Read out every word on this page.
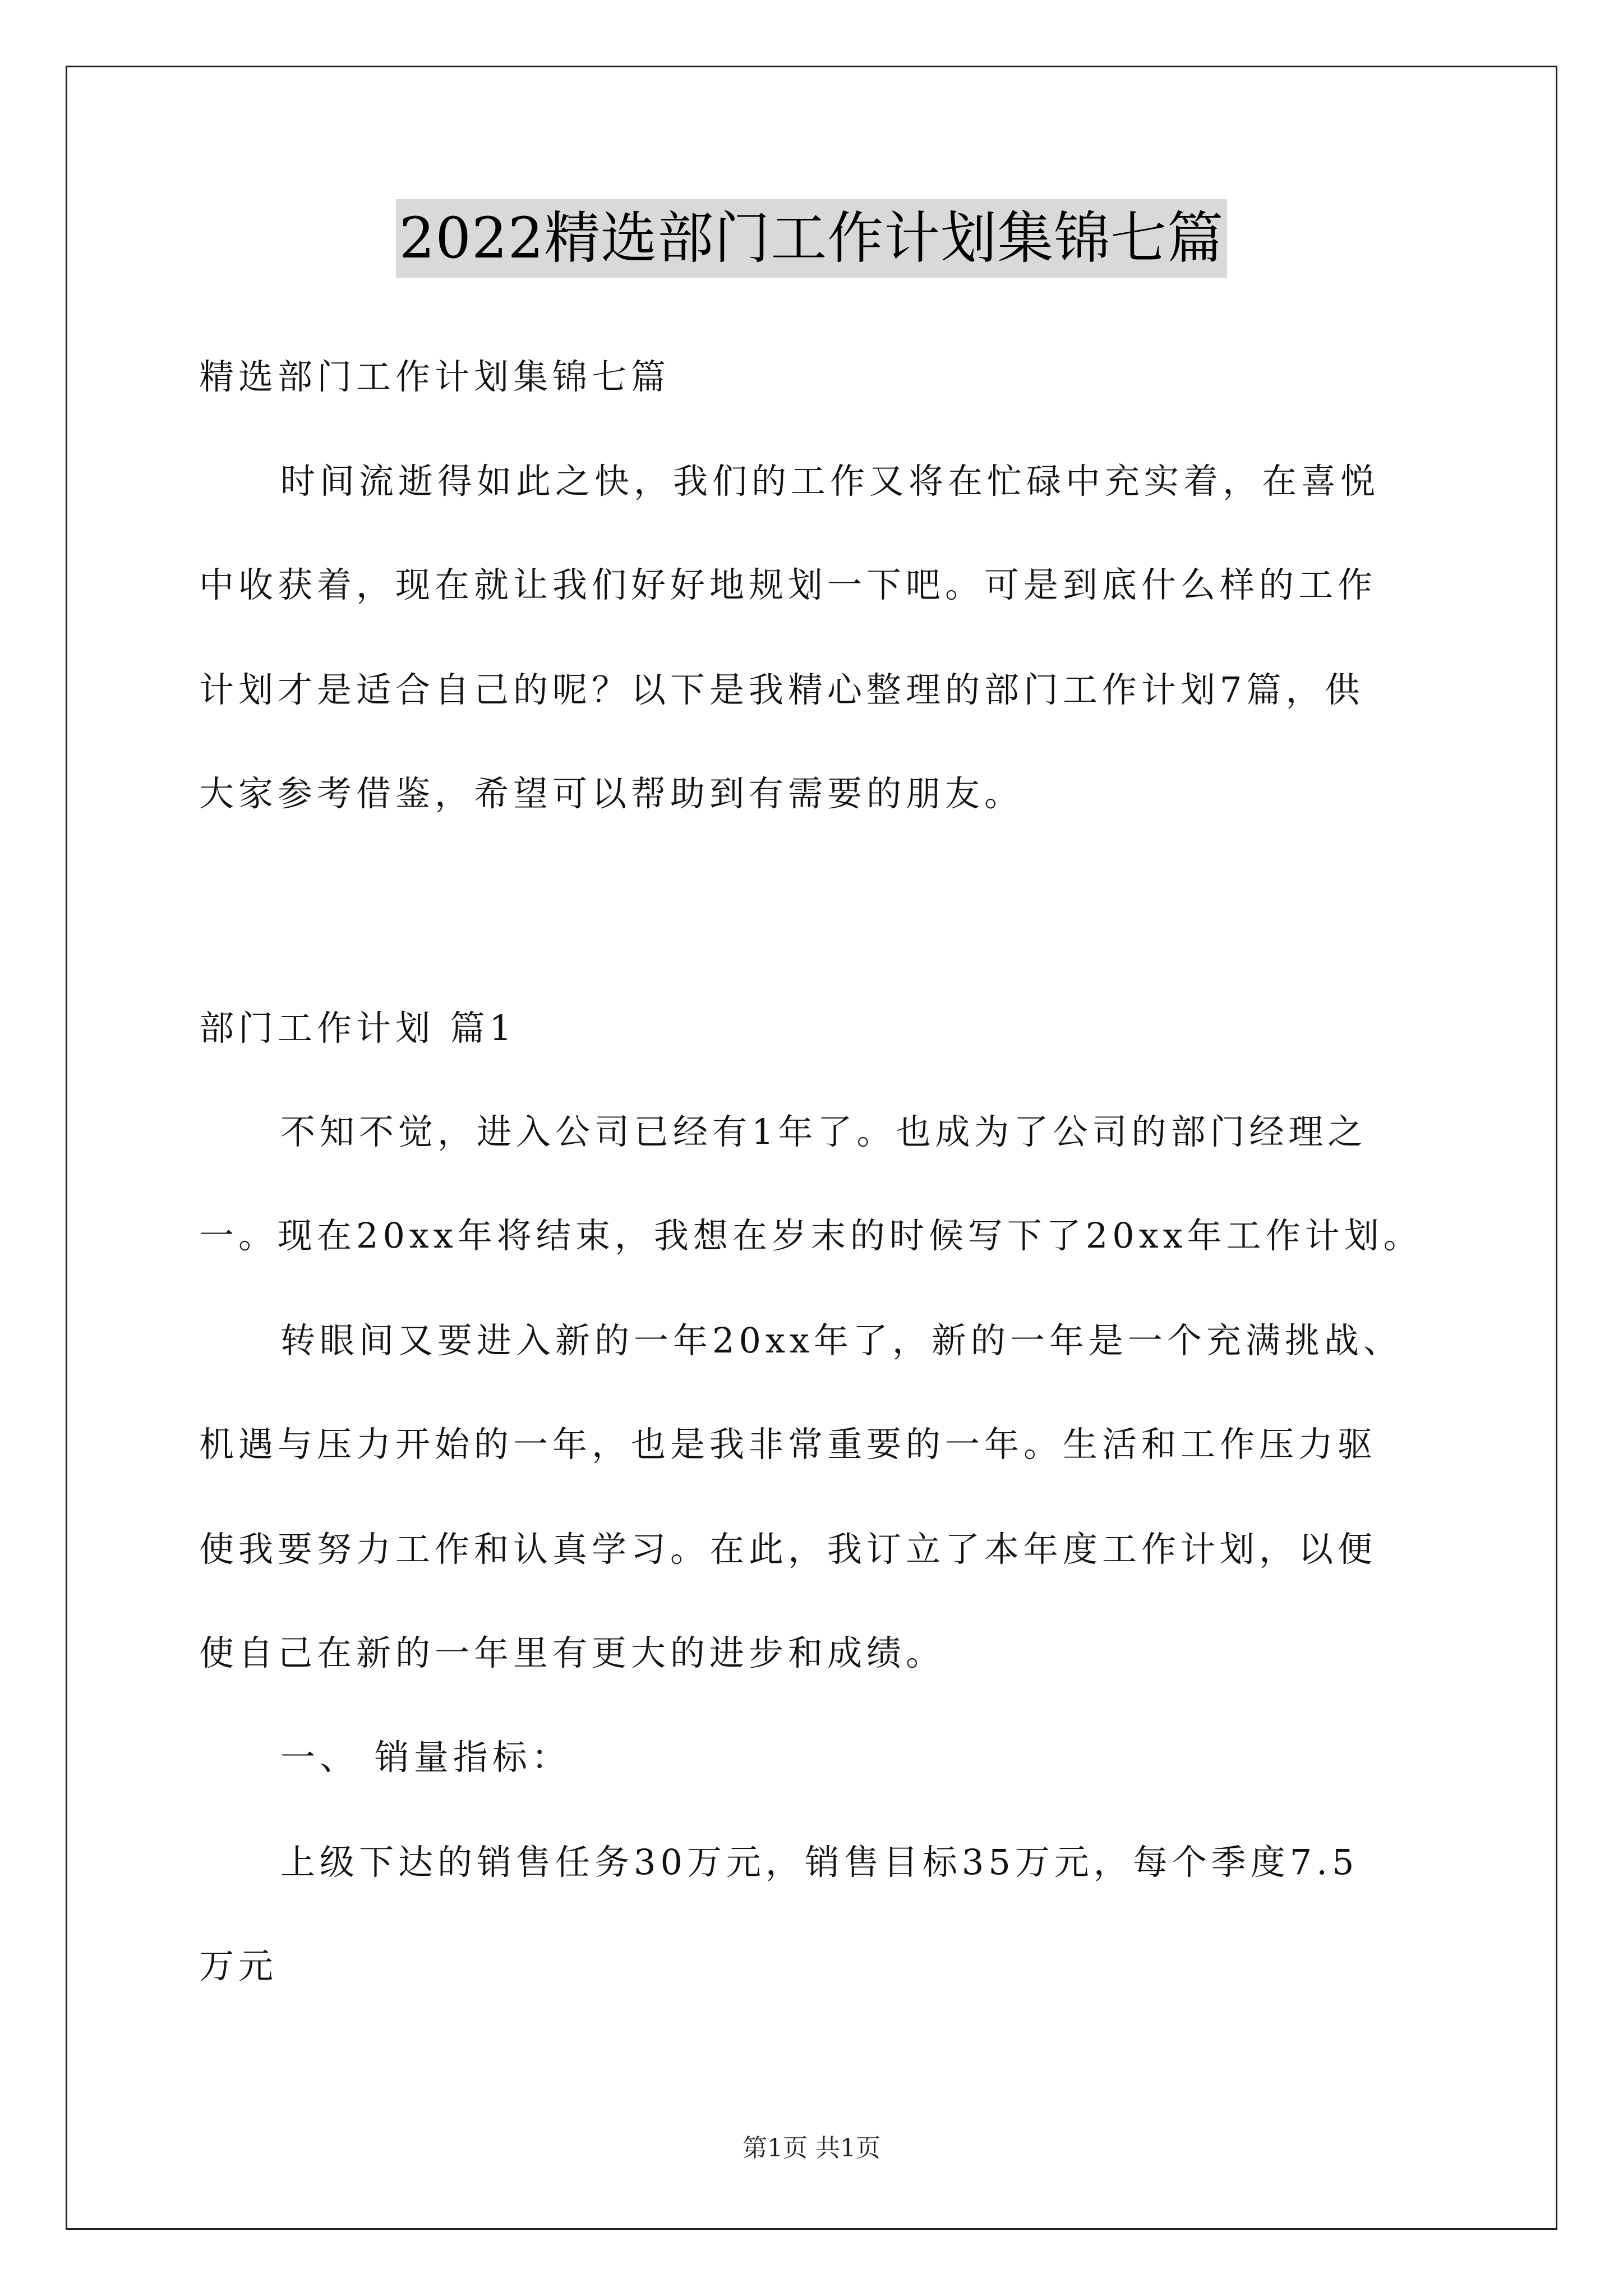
2022精选部门工作计划集锦七篇
精选部门工作计划集锦七篇
时间流逝得如此之快，我们的工作又将在忙碌中充实着，在喜悦
中收获着，现在就让我们好好地规划一下吧。可是到底什么样的工作
计划才是适合自己的呢？以下是我精心整理的部门工作计划7篇，供
大家参考借鉴，希望可以帮助到有需要的朋友。
部门工作计划 篇1
不知不觉，进入公司已经有1年了。也成为了公司的部门经理之
一。现在20xx年将结束，我想在岁末的时候写下了20xx年工作计划。
转眼间又要进入新的一年20xx年了，新的一年是一个充满挑战、
机遇与压力开始的一年，也是我非常重要的一年。生活和工作压力驱
使我要努力工作和认真学习。在此，我订立了本年度工作计划，以便
使自己在新的一年里有更大的进步和成绩。
一、 销量指标：
上级下达的销售任务30万元，销售目标35万元，每个季度7.5
万元
第1页 共1页
